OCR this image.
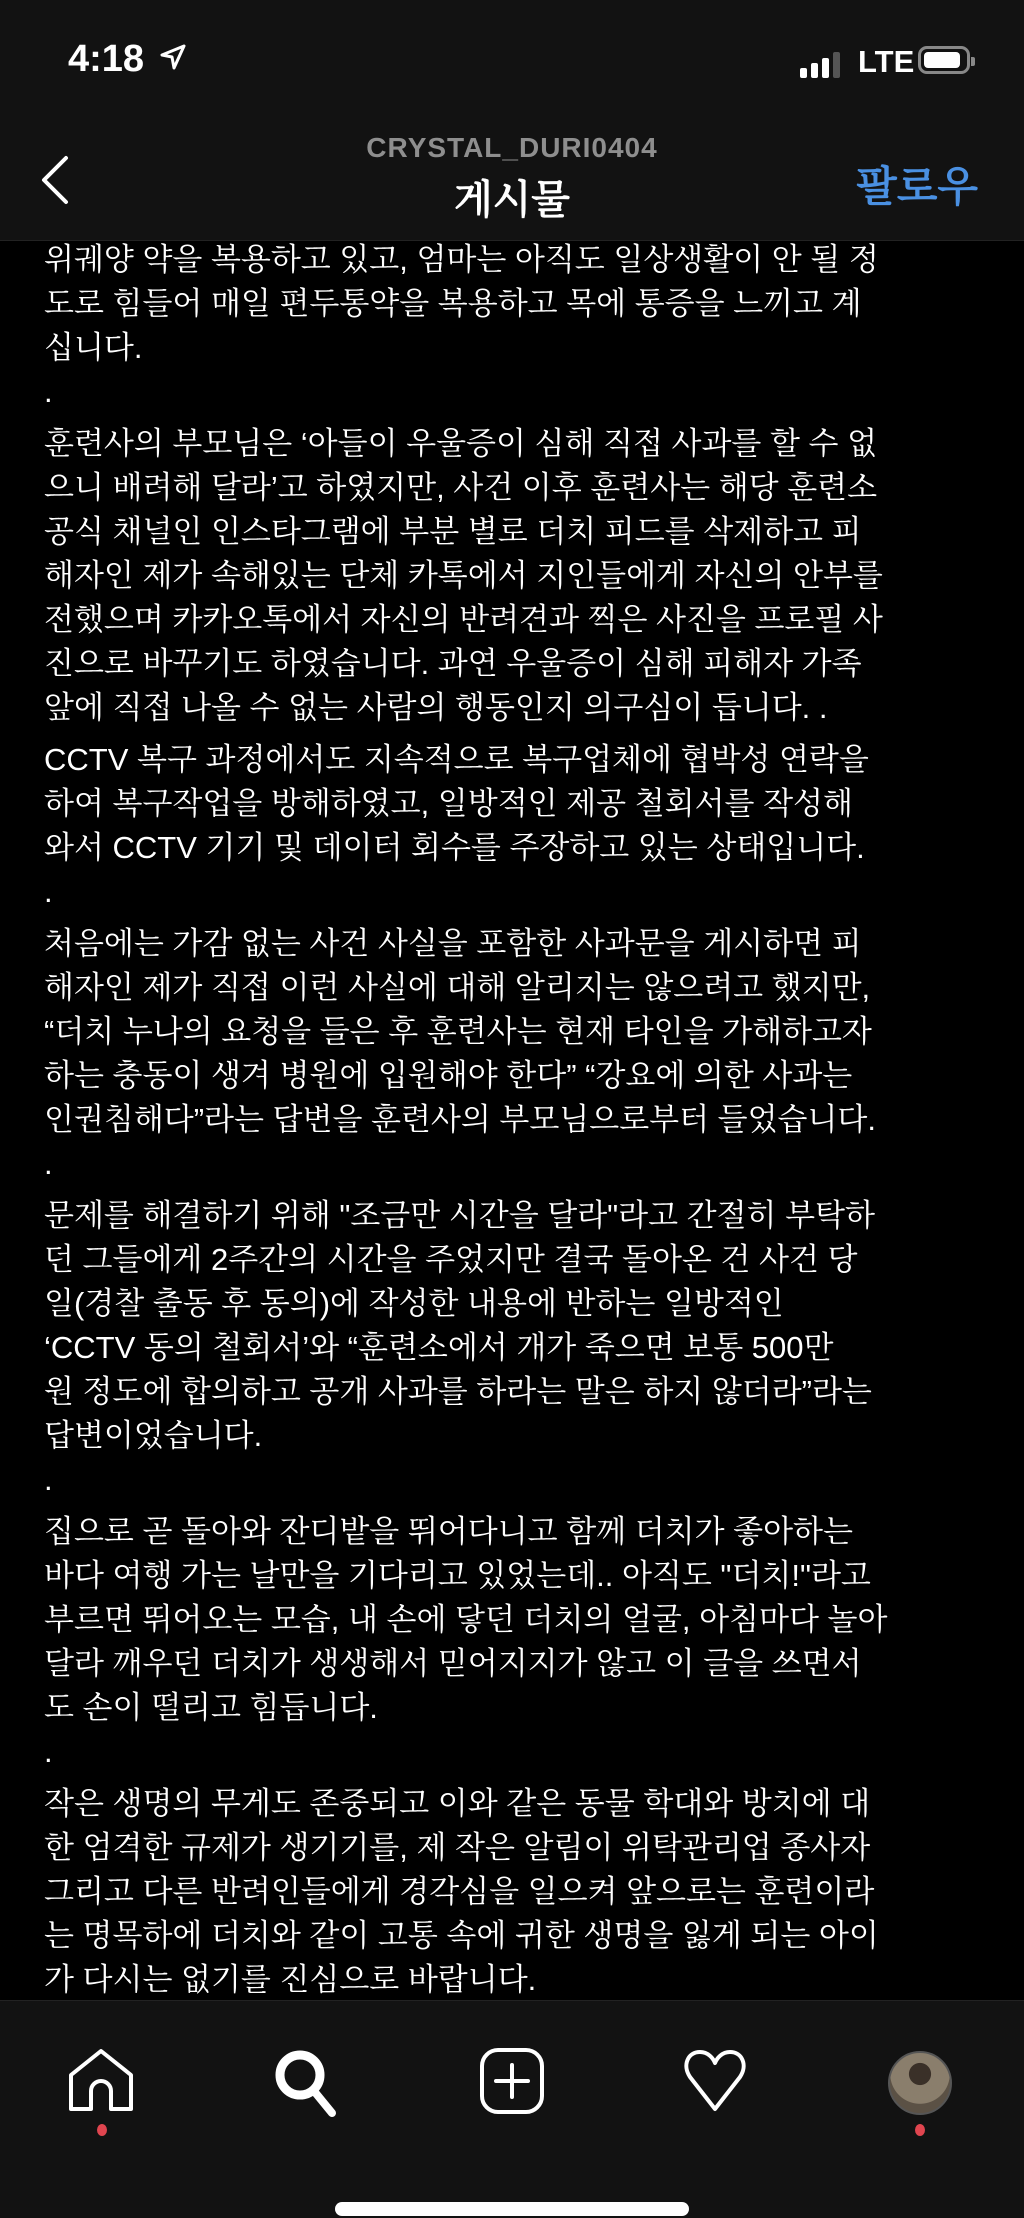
4:18	LTE
CRYSTAL_DURI0404
게시물	팔로우
위궤양 약을 복용하고 있고, 엄마는 아직도 일상생활이 안 될 정
도로 힘들어 매일 편두통약을 복용하고 목에 통증을 느끼고 계
십니다.
.
훈련사의 부모님은 ‘아들이 우울증이 심해 직접 사과를 할 수 없
으니 배려해 달라’고 하였지만, 사건 이후 훈련사는 해당 훈련소
공식 채널인 인스타그램에 부분 별로 더치 피드를 삭제하고 피
해자인 제가 속해있는 단체 카톡에서 지인들에게 자신의 안부를
전했으며 카카오톡에서 자신의 반려견과 찍은 사진을 프로필 사
진으로 바꾸기도 하였습니다. 과연 우울증이 심해 피해자 가족
앞에 직접 나올 수 없는 사람의 행동인지 의구심이 듭니다. .
CCTV 복구 과정에서도 지속적으로 복구업체에 협박성 연락을
하여 복구작업을 방해하였고, 일방적인 제공 철회서를 작성해
와서 CCTV 기기 및 데이터 회수를 주장하고 있는 상태입니다.
.
처음에는 가감 없는 사건 사실을 포함한 사과문을 게시하면 피
해자인 제가 직접 이런 사실에 대해 알리지는 않으려고 했지만,
“더치 누나의 요청을 들은 후 훈련사는 현재 타인을 가해하고자
하는 충동이 생겨 병원에 입원해야 한다” “강요에 의한 사과는
인권침해다”라는 답변을 훈련사의 부모님으로부터 들었습니다.
.
문제를 해결하기 위해 "조금만 시간을 달라"라고 간절히 부탁하
던 그들에게 2주간의 시간을 주었지만 결국 돌아온 건 사건 당
일(경찰 출동 후 동의)에 작성한 내용에 반하는 일방적인
‘CCTV 동의 철회서’와 “훈련소에서 개가 죽으면 보통 500만
원 정도에 합의하고 공개 사과를 하라는 말은 하지 않더라”라는
답변이었습니다.
.
집으로 곧 돌아와 잔디밭을 뛰어다니고 함께 더치가 좋아하는
바다 여행 가는 날만을 기다리고 있었는데.. 아직도 "더치!"라고
부르면 뛰어오는 모습, 내 손에 닿던 더치의 얼굴, 아침마다 놀아
달라 깨우던 더치가 생생해서 믿어지지가 않고 이 글을 쓰면서
도 손이 떨리고 힘듭니다.
.
작은 생명의 무게도 존중되고 이와 같은 동물 학대와 방치에 대
한 엄격한 규제가 생기기를, 제 작은 알림이 위탁관리업 종사자
그리고 다른 반려인들에게 경각심을 일으켜 앞으로는 훈련이라
는 명목하에 더치와 같이 고통 속에 귀한 생명을 잃게 되는 아이
가 다시는 없기를 진심으로 바랍니다.
